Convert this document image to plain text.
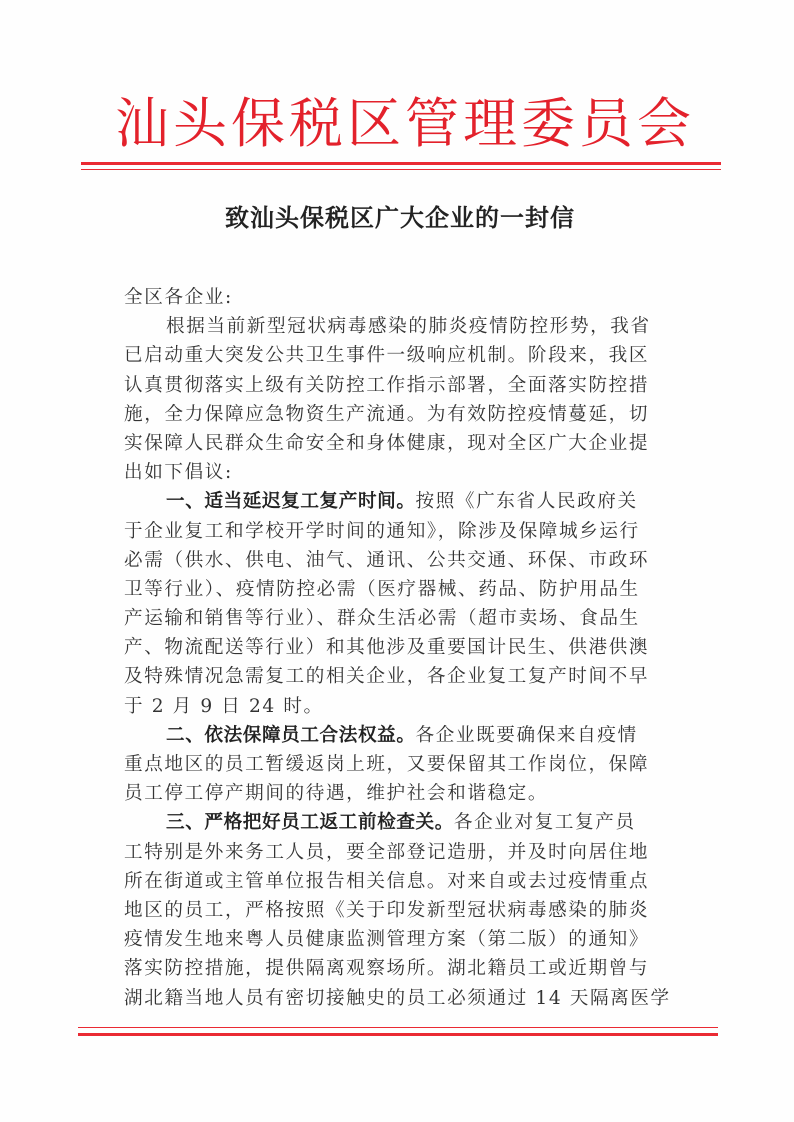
汕头保税区管理委员会
致汕头保税区广大企业的一封信
全区各企业:
根据当前新型冠状病毒感染的肺炎疫情防控形势，我省
已启动重大突发公共卫生事件一级响应机制。阶段来，我区
认真贯彻落实上级有关防控工作指示部署，全面落实防控措
施，全力保障应急物资生产流通。为有效防控疫情蔓延，切
实保障人民群众生命安全和身体健康，现对全区广大企业提
出如下倡议:
一、适当延迟复工复产时间。按照《广东省人民政府关
于企业复工和学校开学时间的通知》，除涉及保障城乡运行
必需（供水、供电、油气、通讯、公共交通、环保、市政环
卫等行业）、疫情防控必需（医疗器械、药品、防护用品生
产运输和销售等行业）、群众生活必需（超市卖场、食品生
产、物流配送等行业）和其他涉及重要国计民生、供港供澳
及特殊情况急需复工的相关企业，各企业复工复产时间不早
于 2 月 9 日 24 时。
二、依法保障员工合法权益。各企业既要确保来自疫情
重点地区的员工暂缓返岗上班，又要保留其工作岗位，保障
员工停工停产期间的待遇，维护社会和谐稳定。
三、严格把好员工返工前检查关。各企业对复工复产员
工特别是外来务工人员，要全部登记造册，并及时向居住地
所在街道或主管单位报告相关信息。对来自或去过疫情重点
地区的员工，严格按照《关于印发新型冠状病毒感染的肺炎
疫情发生地来粤人员健康监测管理方案（第二版）的通知》
落实防控措施，提供隔离观察场所。湖北籍员工或近期曾与
湖北籍当地人员有密切接触史的员工必须通过 14 天隔离医学
